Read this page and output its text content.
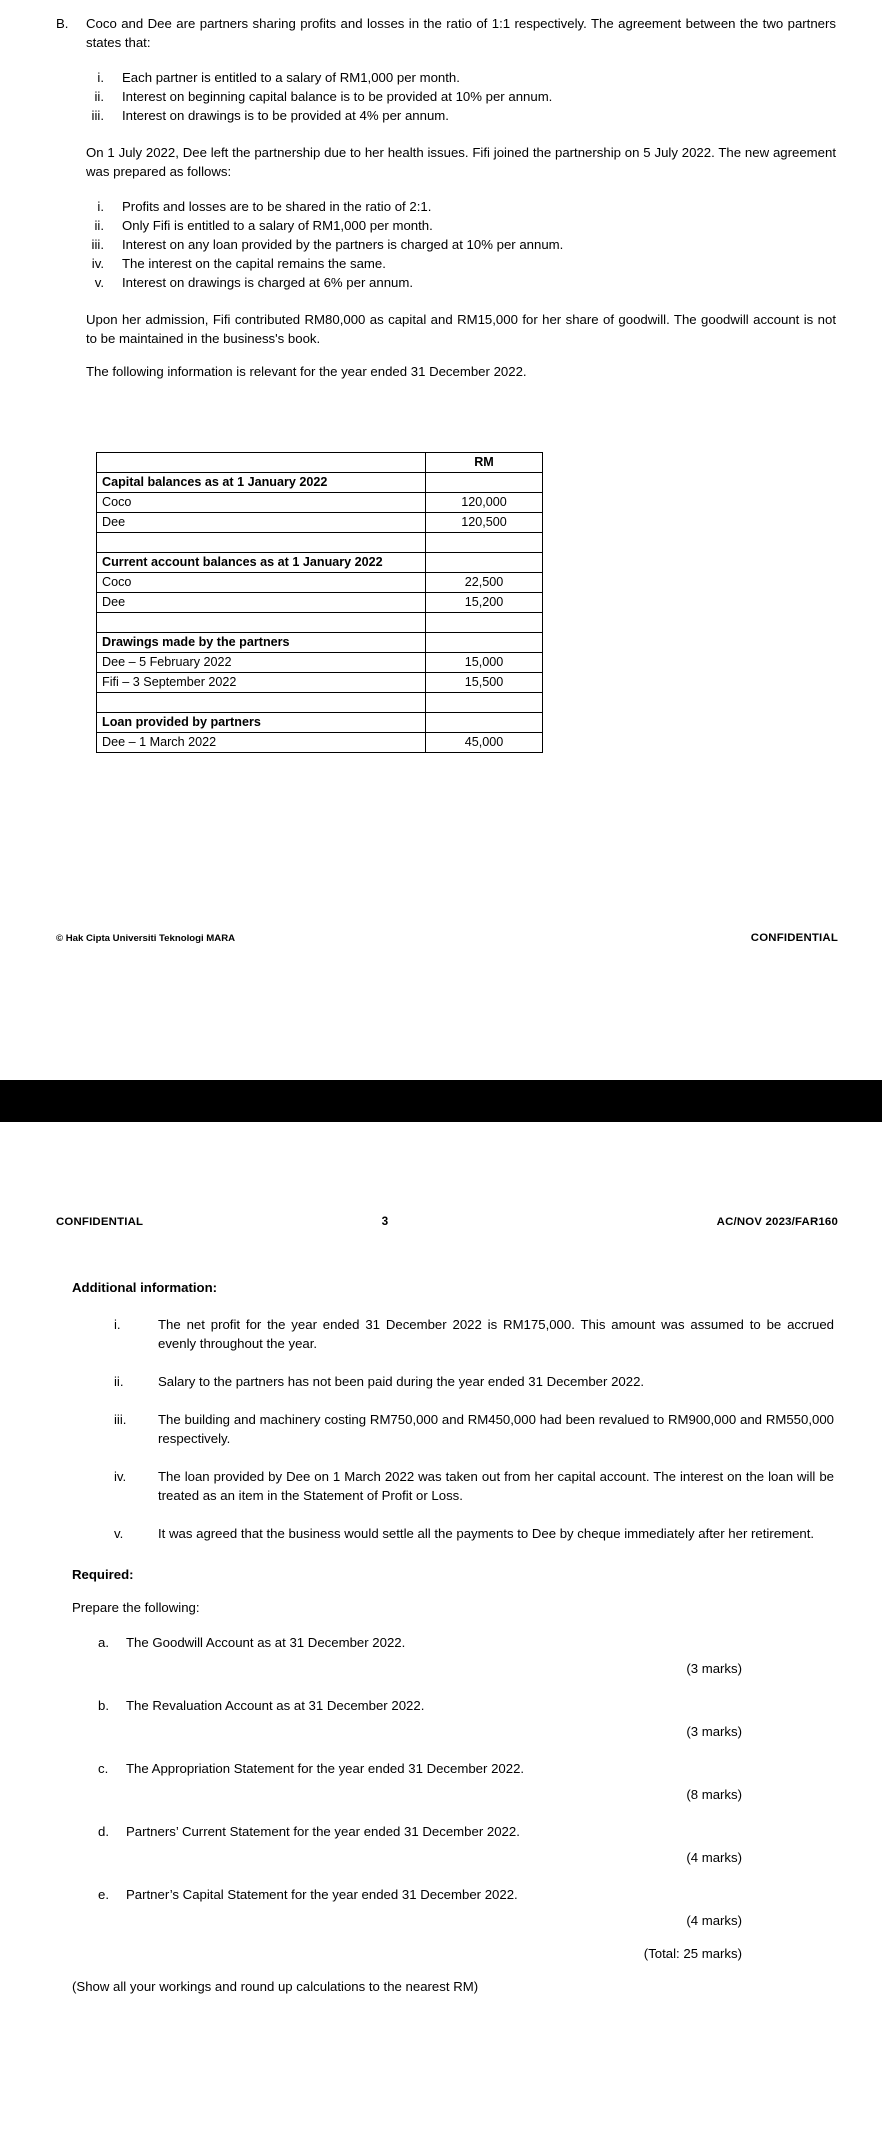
B.	Coco and Dee are partners sharing profits and losses in the ratio of 1:1 respectively. The agreement between the two partners states that:

i.	Each partner is entitled to a salary of RM1,000 per month.
ii.	Interest on beginning capital balance is to be provided at 10% per annum.
iii.	Interest on drawings is to be provided at 4% per annum.

On 1 July 2022, Dee left the partnership due to her health issues. Fifi joined the partnership on 5 July 2022. The new agreement was prepared as follows:

i.	Profits and losses are to be shared in the ratio of 2:1.
ii.	Only Fifi is entitled to a salary of RM1,000 per month.
iii.	Interest on any loan provided by the partners is charged at 10% per annum.
iv.	The interest on the capital remains the same.
v.	Interest on drawings is charged at 6% per annum.

Upon her admission, Fifi contributed RM80,000 as capital and RM15,000 for her share of goodwill. The goodwill account is not to be maintained in the business's book.

The following information is relevant for the year ended 31 December 2022.

	RM
Capital balances as at 1 January 2022	
Coco	120,000
Dee	120,500

Current account balances as at 1 January 2022	
Coco	22,500
Dee	15,200

Drawings made by the partners	
Dee – 5 February 2022	15,000
Fifi – 3 September 2022	15,500

Loan provided by partners	
Dee – 1 March 2022	45,000
© Hak Cipta Universiti Teknologi MARA	CONFIDENTIAL
CONFIDENTIAL	3	AC/NOV 2023/FAR160
Additional information:
i.	The net profit for the year ended 31 December 2022 is RM175,000. This amount was assumed to be accrued evenly throughout the year.
ii.	Salary to the partners has not been paid during the year ended 31 December 2022.
iii.	The building and machinery costing RM750,000 and RM450,000 had been revalued to RM900,000 and RM550,000 respectively.
iv.	The loan provided by Dee on 1 March 2022 was taken out from her capital account. The interest on the loan will be treated as an item in the Statement of Profit or Loss.
v.	It was agreed that the business would settle all the payments to Dee by cheque immediately after her retirement.
Required:
Prepare the following:
a.	The Goodwill Account as at 31 December 2022.
(3 marks)
b.	The Revaluation Account as at 31 December 2022.
(3 marks)
c.	The Appropriation Statement for the year ended 31 December 2022.
(8 marks)
d.	Partners’ Current Statement for the year ended 31 December 2022.
(4 marks)
e.	Partner’s Capital Statement for the year ended 31 December 2022.
(4 marks)
(Total: 25 marks)
(Show all your workings and round up calculations to the nearest RM)
